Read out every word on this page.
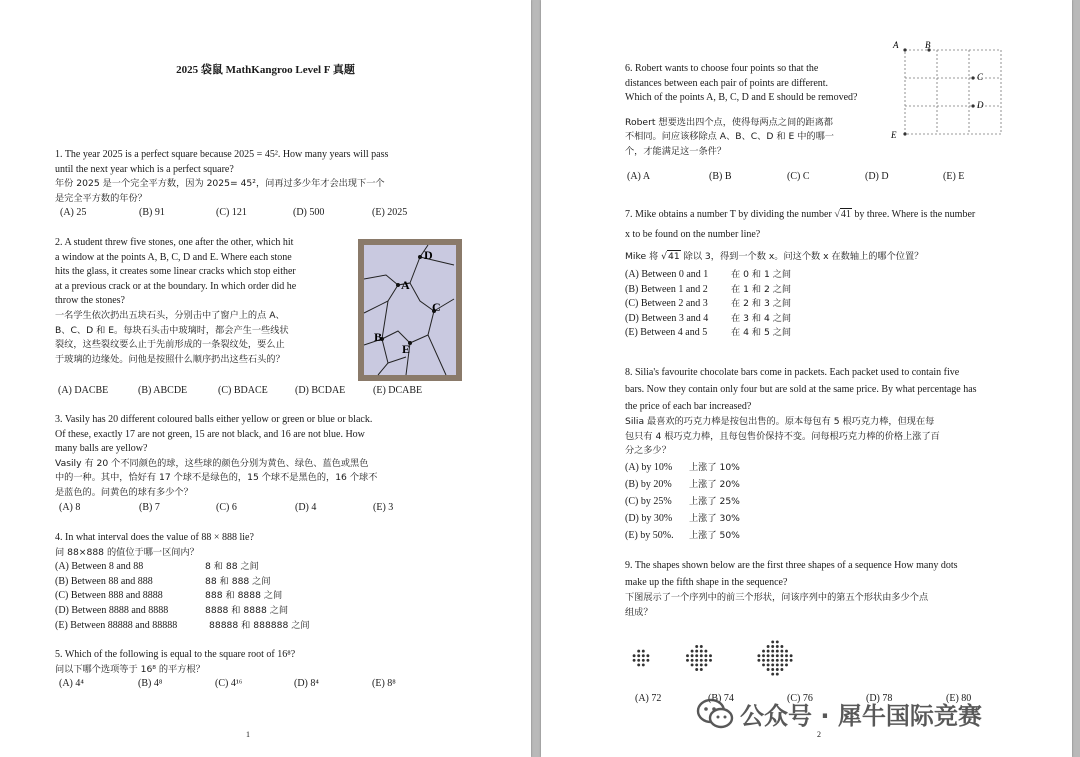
2025 袋鼠 MathKangroo Level F 真题

1. The year 2025 is a perfect square because 2025 = 45². How many years will pass

until the next year which is a perfect square?

年份 2025 是一个完全平方数，因为 2025= 45²，问再过多少年才会出现下一个

是完全平方数的年份？

(A) 25	(B) 91	(C) 121	(D) 500	(E) 2025

2. A student threw five stones, one after the other, which hit

a window at the points A, B, C, D and E. Where each stone

hits the glass, it creates some linear cracks which stop either

at a previous crack or at the boundary. In which order did he

throw the stones?

一名学生依次扔出五块石头，分别击中了窗户上的点 A、

B、C、D 和 E。每块石头击中玻璃时，都会产生一些线状

裂纹，这些裂纹要么止于先前形成的一条裂纹处，要么止

于玻璃的边缘处。问他是按照什么顺序扔出这些石头的？

D
A
C
B
E
(A) DACBE	(B) ABCDE	(C) BDACE	(D) BCDAE	(E) DCABE

3. Vasily has 20 different coloured balls either yellow or green or blue or black.

Of these, exactly 17 are not green, 15 are not black, and 16 are not blue. How

many balls are yellow?

Vasily 有 20 个不同颜色的球，这些球的颜色分别为黄色、绿色、蓝色或黑色

中的一种。其中，恰好有 17 个球不是绿色的，15 个球不是黑色的，16 个球不

是蓝色的。问黄色的球有多少个？

(A) 8	(B) 7	(C) 6	(D) 4	(E) 3

4. In what interval does the value of 88 × 888 lie?

问 88×888 的值位于哪一区间内？

(A) Between 8 and 88	8 和 88 之间
(B) Between 88 and 888	88 和 888 之间
(C) Between 888 and 8888	888 和 8888 之间
(D) Between 8888 and 8888	8888 和 8888 之间
(E) Between 88888 and 88888	88888 和 888888 之间

5. Which of the following is equal to the square root of 16⁸?

问以下哪个选项等于 16⁸ 的平方根？

(A) 4⁴	(B) 4⁸	(C) 4¹⁶	(D) 8⁴	(E) 8⁸
1

6. Robert wants to choose four points so that the

distances between each pair of points are different.

Which of the points A, B, C, D and E should be removed?

Robert 想要选出四个点，使得每两点之间的距离都

不相同。问应该移除点 A、B、C、D 和 E 中的哪一

个，才能满足这一条件？

A	B
C
D
E
(A) A	(B) B	(C) C	(D) D	(E) E

7. Mike obtains a number T by dividing the number √41 by three. Where is the number

x to be found on the number line?

Mike 将 √41 除以 3，得到一个数 x。问这个数 x 在数轴上的哪个位置？

(A) Between 0 and 1 在 0 和 1 之间
(B) Between 1 and 2	在 1 和 2 之间
(C) Between 2 and 3	在 2 和 3 之间
(D) Between 3 and 4 在 3 和 4 之间
(E) Between 4 and 5	在 4 和 5 之间

8. Silia's favourite chocolate bars come in packets. Each packet used to contain five

bars. Now they contain only four but are sold at the same price. By what percentage has

the price of each bar increased?

Silia 最喜欢的巧克力棒是按包出售的。原本每包有 5 根巧克力棒，但现在每

包只有 4 根巧克力棒，且每包售价保持不变。问每根巧克力棒的价格上涨了百

分之多少？

(A) by 10% 上涨了 10%
(B) by 20% 上涨了 20%
(C) by 25% 上涨了 25%
(D) by 30% 上涨了 30%
(E) by 50%. 上涨了 50%

9. The shapes shown below are the first three shapes of a sequence How many dots

make up the fifth shape in the sequence?

下图展示了一个序列中的前三个形状，问该序列中的第五个形状由多少个点

组成？

(A) 72	(B) 74	(C) 76	(D) 78	(E) 80
2
公众号 · 犀牛国际竞赛
